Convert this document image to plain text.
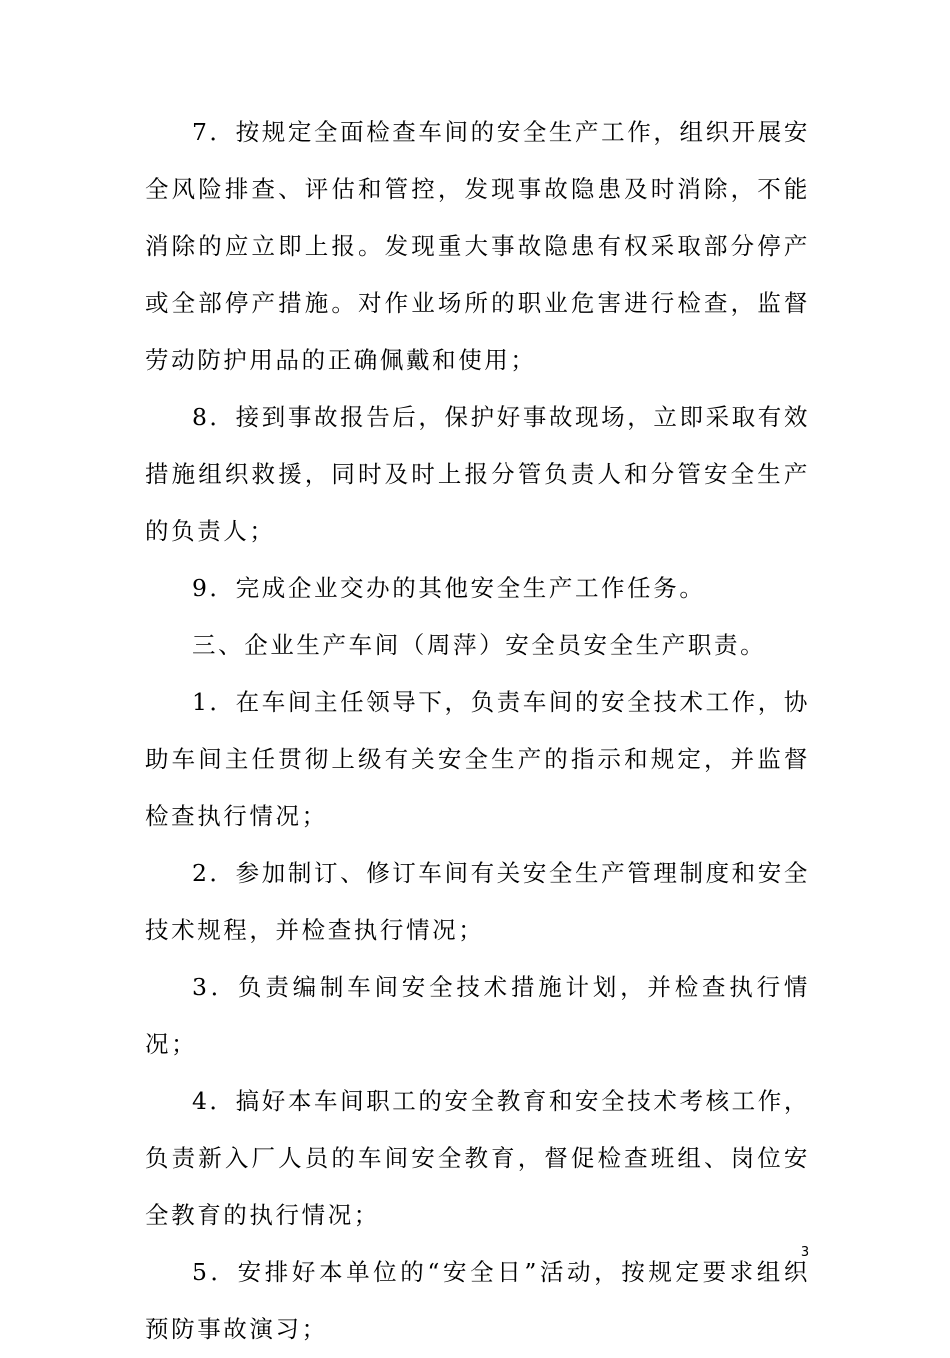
7．按规定全面检查车间的安全生产工作，组织开展安全风险排查、评估和管控，发现事故隐患及时消除，不能消除的应立即上报。发现重大事故隐患有权采取部分停产或全部停产措施。对作业场所的职业危害进行检查，监督劳动防护用品的正确佩戴和使用；

8．接到事故报告后，保护好事故现场，立即采取有效措施组织救援，同时及时上报分管负责人和分管安全生产的负责人；

9．完成企业交办的其他安全生产工作任务。

三、企业生产车间（周萍）安全员安全生产职责。

1．在车间主任领导下，负责车间的安全技术工作，协助车间主任贯彻上级有关安全生产的指示和规定，并监督检查执行情况；

2．参加制订、修订车间有关安全生产管理制度和安全技术规程，并检查执行情况；

3．负责编制车间安全技术措施计划，并检查执行情况；

4．搞好本车间职工的安全教育和安全技术考核工作，负责新入厂人员的车间安全教育，督促检查班组、岗位安全教育的执行情况；

5．安排好本单位的“安全日”活动，按规定要求组织预防事故演习；

3
